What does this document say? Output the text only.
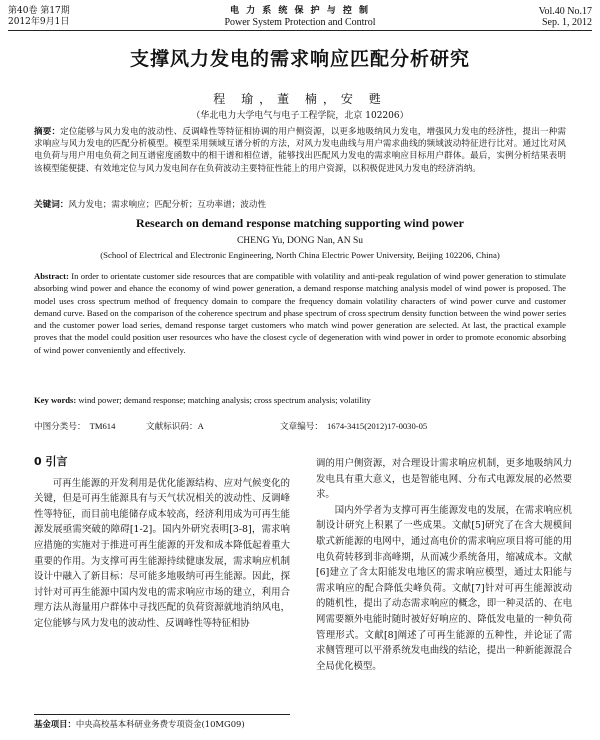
第40卷 第17期
2012年9月1日
电 力 系 统 保 护 与 控 制
Power System Protection and Control
Vol.40 No.17
Sep. 1, 2012
支撑风力发电的需求响应匹配分析研究
程 瑜，董 楠，安 甦
（华北电力大学电气与电子工程学院，北京 102206）
摘要：定位能够与风力发电的波动性、反调峰性等特征相协调的用户侧资源，以更多地吸纳风力发电，增强风力发电的经济性，提出一种需求响应与风力发电的匹配分析模型。模型采用频域互谱分析的方法，对风力发电曲线与用户需求曲线的频域波动特征进行比对。通过比对风电负荷与用户用电负荷之间互谱密度函数中的相干谱和相位谱，能够找出匹配风力发电的需求响应目标用户群体。最后，实例分析结果表明该模型能便捷、有效地定位与风力发电间存在负荷波动主要特征性能上的用户资源，以积极促进风力发电的经济消纳。
关键词：风力发电；需求响应；匹配分析；互功率谱；波动性
Research on demand response matching supporting wind power
CHENG Yu, DONG Nan, AN Su
(School of Electrical and Electronic Engineering, North China Electric Power University, Beijing 102206, China)
Abstract: In order to orientate customer side resources that are compatible with volatility and anti-peak regulation of wind power generation to stimulate absorbing wind power and ehance the economy of wind power generation, a demand response matching analysis model of wind power is proposed. The model uses cross spectrum method of frequency domain to compare the frequency domain volatility characters of wind power curve and customer demand curve. Based on the comparison of the coherence spectrum and phase spectrum of cross spectrum density function between the wind power series and the customer power load series, demand response target customers who match wind power generation are selected. At last, the practical example proves that the model could position user resources who have the closest cycle of degeneration with wind power in order to promote economic absorbing of wind power conveniently and effectively.
Key words: wind power; demand response; matching analysis; cross spectrum analysis; volatility
中图分类号： TM614	文献标识码：A	文章编号： 1674-3415(2012)17-0030-05
0 引言

可再生能源的开发利用是优化能源结构、应对气候变化的关键，但是可再生能源具有与天气状况相关的波动性、反调峰性等特征，而目前电能储存成本较高，经济利用成为可再生能源发展亟需突破的障碍[1-2]。国内外研究表明[3-8]，需求响应措施的实施对于推进可再生能源的开发和成本降低起着重大重要的作用。为支撑可再生能源持续健康发展，需求响应机制设计中融入了新目标：尽可能多地吸纳可再生能源。因此，探讨针对可再生能源中国内发电的需求响应市场的建立，利用合理方法从海量用户群体中寻找匹配的负荷资源就地消纳风电，定位能够与风力发电的波动性、反调峰性等特征相协

调的用户侧资源，对合理设计需求响应机制，更多地吸纳风力发电具有重大意义，也是智能电网、分布式电源发展的必然要求。

国内外学者为支撑可再生能源发电的发展，在需求响应机制设计研究上积累了一些成果。文献[5]研究了在含大规模间歇式新能源的电网中，通过高电价的需求响应项目将可能的用电负荷转移到非高峰期，从而减少系统备用，缩减成本。文献[6]建立了含太阳能发电地区的需求响应模型，通过太阳能与需求响应的配合降低尖峰负荷。文献[7]针对可再生能源波动的随机性，提出了动态需求响应的概念，即一种灵活的、在电网需要额外电能时随时被好好响应的、降低发电量的一种负荷管理形式。文献[8]阐述了可再生能源的五种性，并论证了需求侧管理可以平滑系统发电曲线的结论，提出一种新能源混合全局优化模型。

基金项目：中央高校基本科研业务费专项资金(10MG09)
